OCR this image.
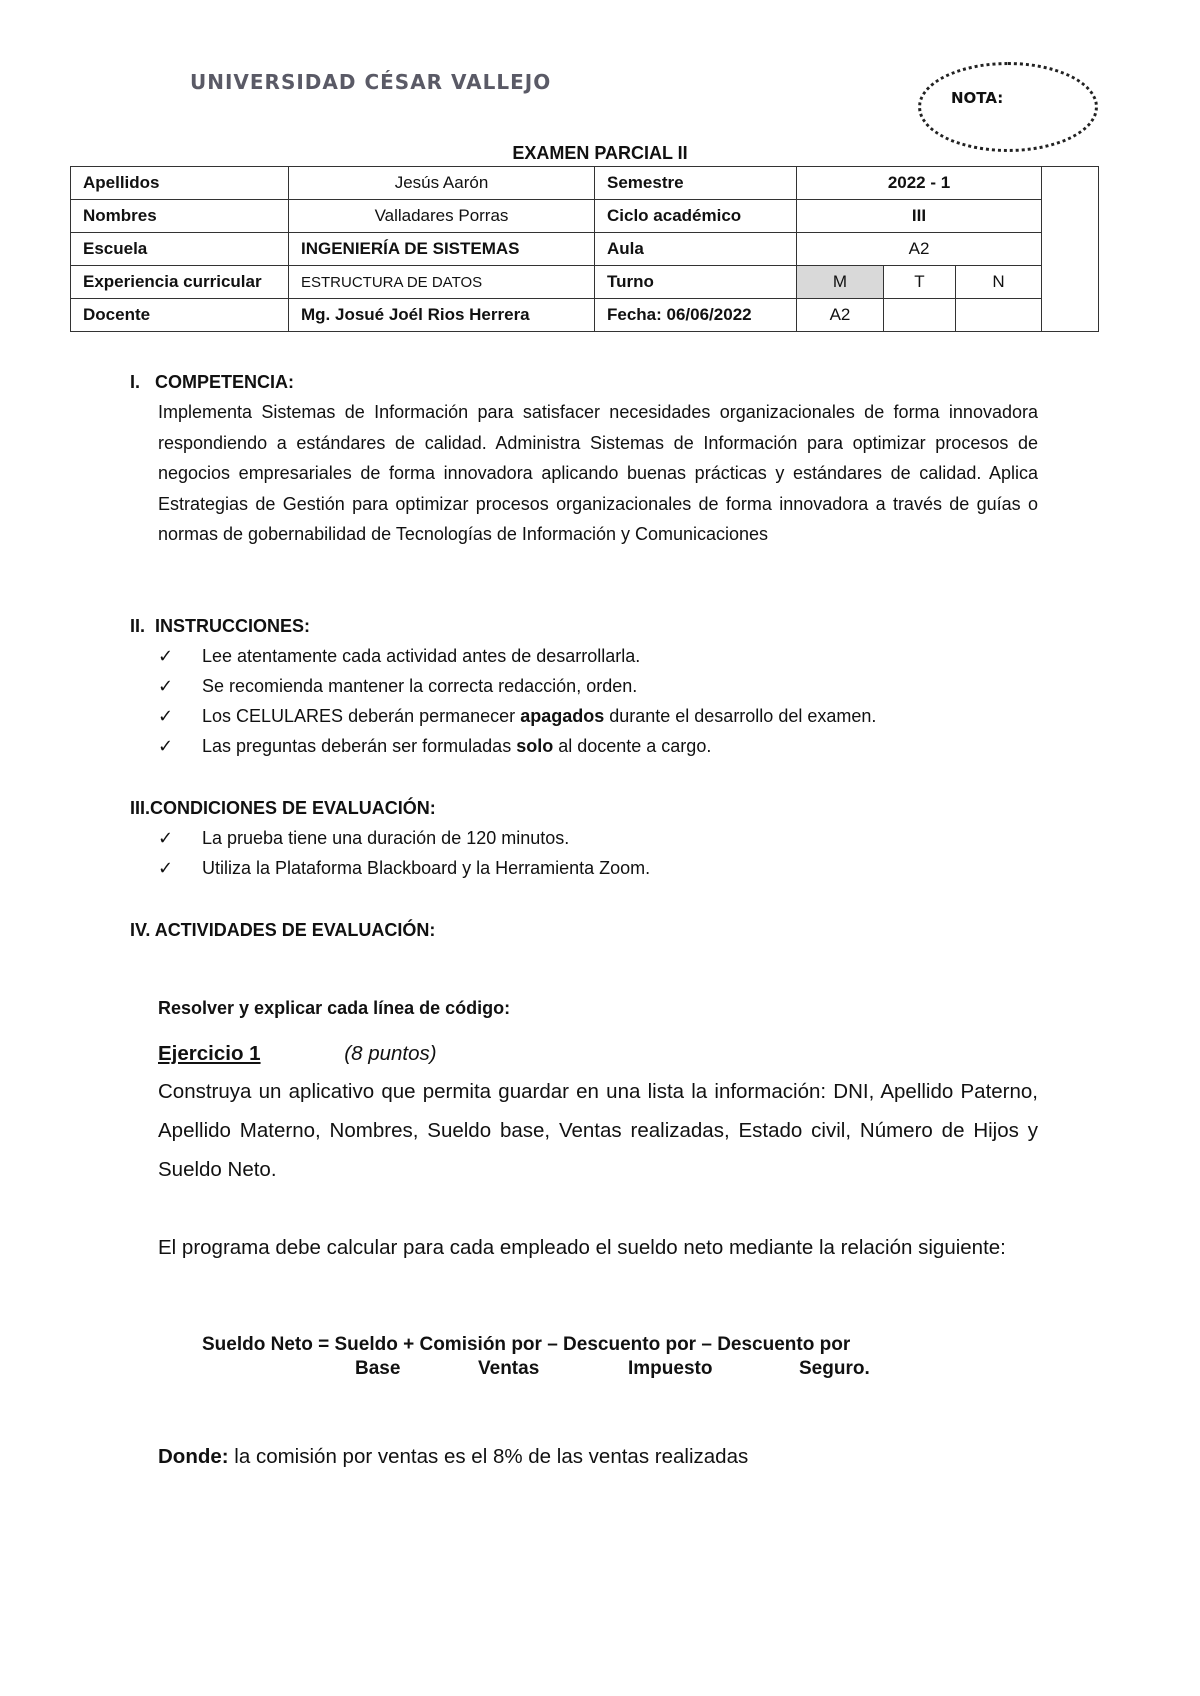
UNIVERSIDAD CÉSAR VALLEJO
NOTA:
EXAMEN PARCIAL II
Apellidos	Jesús Aarón	Semestre	2022 - 1			
Nombres	Valladares Porras	Ciclo académico	III			
Escuela	INGENIERÍA DE SISTEMAS	Aula	A2			
Experiencia curricular	ESTRUCTURA DE DATOS	Turno	M	T	N	
Docente	Mg. Josué Joél Rios Herrera	Fecha: 06/06/2022	A2			
I.   COMPETENCIA:
Implementa Sistemas de Información para satisfacer necesidades organizacionales de forma innovadora respondiendo a estándares de calidad. Administra Sistemas de Información para optimizar procesos de negocios empresariales de forma innovadora aplicando buenas prácticas y estándares de calidad. Aplica Estrategias de Gestión para optimizar procesos organizacionales de forma innovadora a través de guías o normas de gobernabilidad de Tecnologías de Información y Comunicaciones
II.  INSTRUCCIONES:
✓	Lee atentamente cada actividad antes de desarrollarla.
✓	Se recomienda mantener la correcta redacción, orden.
✓	Los CELULARES deberán permanecer apagados durante el desarrollo del examen.
✓	Las preguntas deberán ser formuladas solo al docente a cargo.
III.CONDICIONES DE EVALUACIÓN:
✓	La prueba tiene una duración de 120 minutos.
✓	Utiliza la Plataforma Blackboard y la Herramienta Zoom.
IV. ACTIVIDADES DE EVALUACIÓN:
Resolver y explicar cada línea de código:
Ejercicio 1	(8 puntos)
Construya un aplicativo que permita guardar en una lista la información: DNI, Apellido Paterno, Apellido Materno, Nombres, Sueldo base, Ventas realizadas, Estado civil, Número de Hijos y Sueldo Neto.
El programa debe calcular para cada empleado el sueldo neto mediante la relación siguiente:
Sueldo Neto = Sueldo + Comisión por – Descuento por – Descuento por
Base	Ventas	Impuesto	Seguro.
Donde: la comisión por ventas es el 8% de las ventas realizadas
